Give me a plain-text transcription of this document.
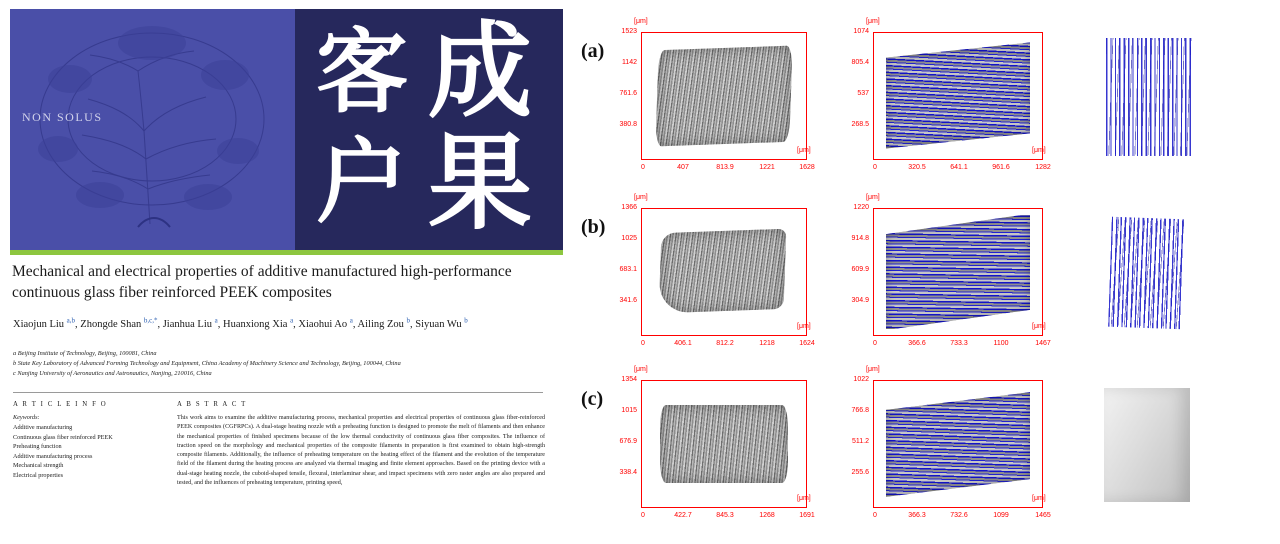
NON SOLUS 客 成
户 果
Mechanical and electrical properties of additive manufactured high-performance continuous glass fiber reinforced PEEK composites
Xiaojun Liu $^{a,b}$, Zhongde Shan $^{b,c,*}$, Jianhua Liu $^a$, Huanxiong Xia $^a$, Xiaohui Ao $^a$, Ailing Zou $^b$, Siyuan Wu $^b$
a Beijing Institute of Technology, Beijing, 100081, China
b State Key Laboratory of Advanced Forming Technology and Equipment, China Academy of Machinery Science and Technology, Beijing, 100044, China
c Nanjing University of Aeronautics and Astronautics, Nanjing, 210016, China
A R T I C L E I N F O
Keywords:
Additive manufacturing
Continuous glass fiber reinforced PEEK
Preheating function
Additive manufacturing process
Mechanical strength
Electrical properties
A B S T R A C T
This work aims to examine the additive manufacturing process, mechanical properties and electrical properties of continuous glass fiber-reinforced PEEK composites (CGFRPCs). A dual-stage heating nozzle with a preheating function is designed to promote the melt of filaments and then enhance the mechanical properties of finished specimens because of the low thermal conductivity of continuous glass fiber composites. The influence of traction speed on the morphology and mechanical properties of the composite filaments in preparation is first examined to obtain high-strength composite filaments. Additionally, the influence of preheating temperature on the heating effect of the filament and the evolution of the temperature field of the filament during the heating process are analyzed via thermal imaging and finite element approaches. Based on the printing device with a dual-stage heating nozzle, the cuboid-shaped tensile, flexural, interlaminar shear, and impact specimens with zero raster angles are also prepared and tested, and the influences of preheating temperature, printing speed,
(a)
[μm]
1523
1142
761.6
380.8
0	407	813.9	1221	1628
[μm]
[μm]
1074
805.4
537
268.5
0	320.5	641.1	961.6	1282
[μm]
(b)
[μm]
1366
1025
683.1
341.6
0	406.1	812.2	1218	1624
[μm]
[μm]
1220
914.8
609.9
304.9
0	366.6	733.3	1100	1467
[μm]
(c)
[μm]
1354
1015
676.9
338.4
0	422.7	845.3	1268	1691
[μm]
[μm]
1022
766.8
511.2
255.6
0	366.3	732.6	1099	1465
[μm]
